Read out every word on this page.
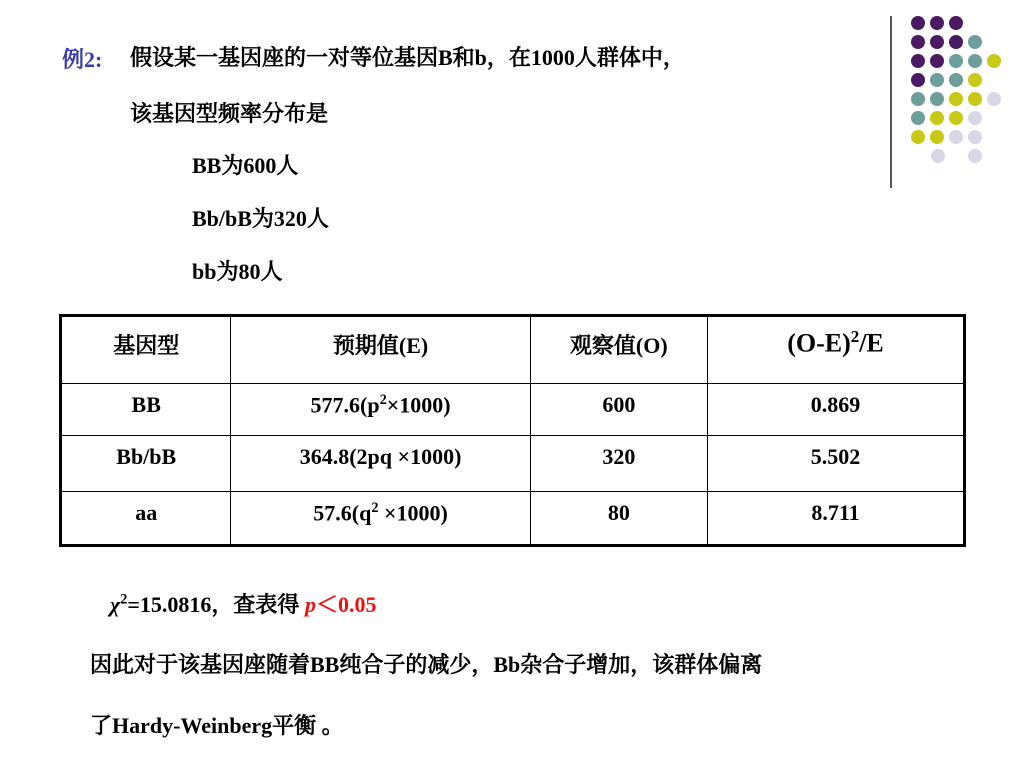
例2: 假设某一基因座的一对等位基因B和b，在1000人群体中，
该基因型频率分布是
BB为600人
Bb/bB为320人
bb为80人
基因型	预期值(E)	观察值(O)	$(O-E)^2/E$
BB	$577.6(p^2\times 1000)$	600	0.869
Bb/bB	364.8(2pq ×1000)	320	5.502
aa	$57.6(q^2 \times 1000)$	80	8.711
$\chi^2=15.0816$，查表得 p＜0.05
因此对于该基因座随着BB纯合子的减少，Bb杂合子增加，该群体偏离
了Hardy-Weinberg平衡 。
